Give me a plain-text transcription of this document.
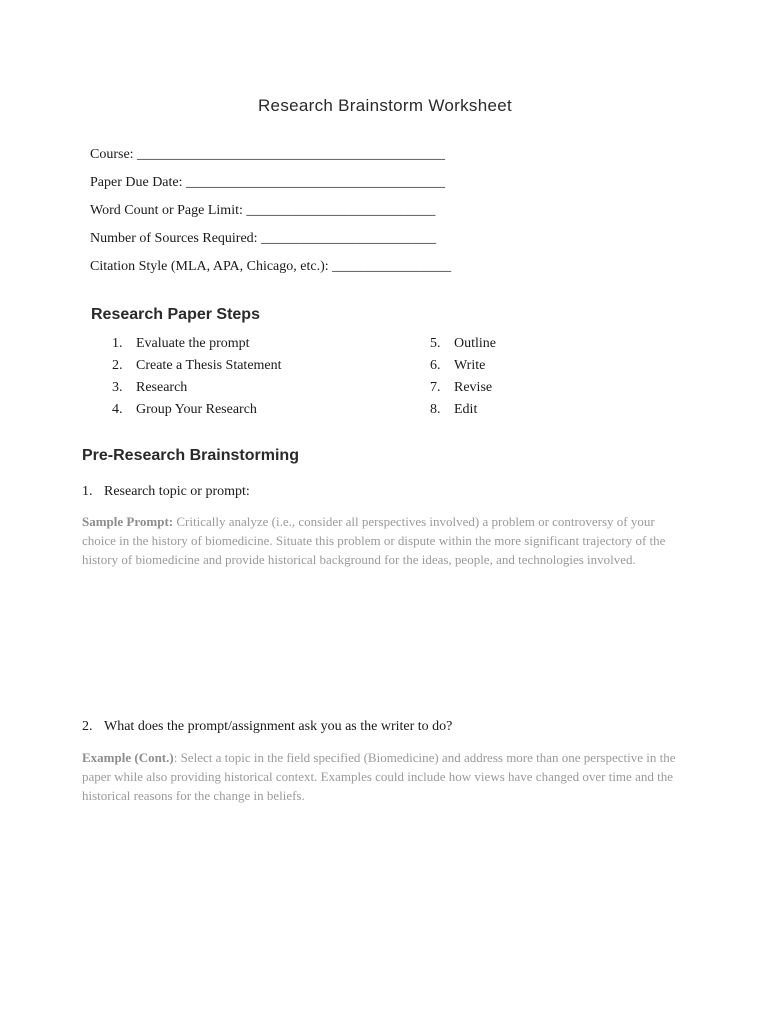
Research Brainstorm Worksheet
Course: ____________________________________________
Paper Due Date: _____________________________________
Word Count or Page Limit: ___________________________
Number of Sources Required: _________________________
Citation Style (MLA, APA, Chicago, etc.): _________________
Research Paper Steps
1. Evaluate the prompt
2. Create a Thesis Statement
3. Research
4. Group Your Research
5. Outline
6. Write
7. Revise
8. Edit
Pre-Research Brainstorming
1. Research topic or prompt:
Sample Prompt: Critically analyze (i.e., consider all perspectives involved) a problem or controversy of your choice in the history of biomedicine. Situate this problem or dispute within the more significant trajectory of the history of biomedicine and provide historical background for the ideas, people, and technologies involved.
2. What does the prompt/assignment ask you as the writer to do?
Example (Cont.): Select a topic in the field specified (Biomedicine) and address more than one perspective in the paper while also providing historical context. Examples could include how views have changed over time and the historical reasons for the change in beliefs.
